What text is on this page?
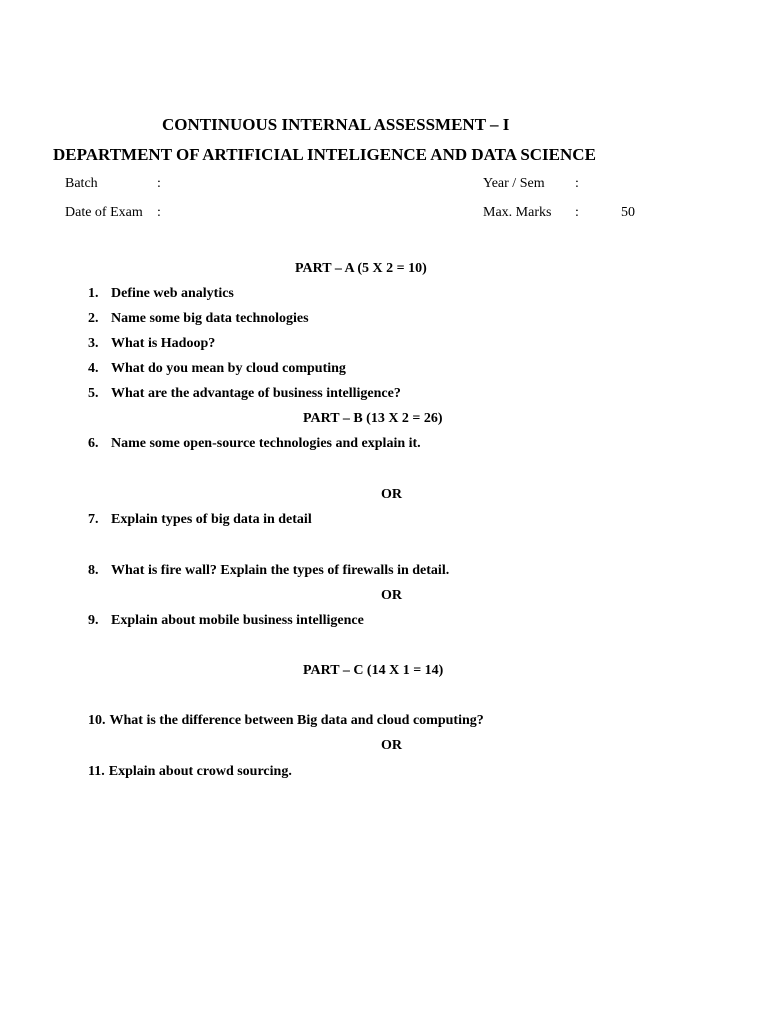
CONTINUOUS INTERNAL ASSESSMENT – I
DEPARTMENT OF ARTIFICIAL INTELIGENCE AND DATA SCIENCE
Batch	:	Year / Sem :
Date of Exam :	Max. Marks :	50
PART – A (5 X 2 = 10)
1. Define web analytics
2. Name some big data technologies
3. What is Hadoop?
4. What do you mean by cloud computing
5. What are the advantage of business intelligence?
PART – B (13 X 2 = 26)
6. Name some open-source technologies and explain it.
OR
7. Explain types of big data in detail
8. What is fire wall? Explain the types of firewalls in detail.
OR
9. Explain about mobile business intelligence
PART – C (14 X 1 = 14)
10. What is the difference between Big data and cloud computing?
OR
11. Explain about crowd sourcing.
